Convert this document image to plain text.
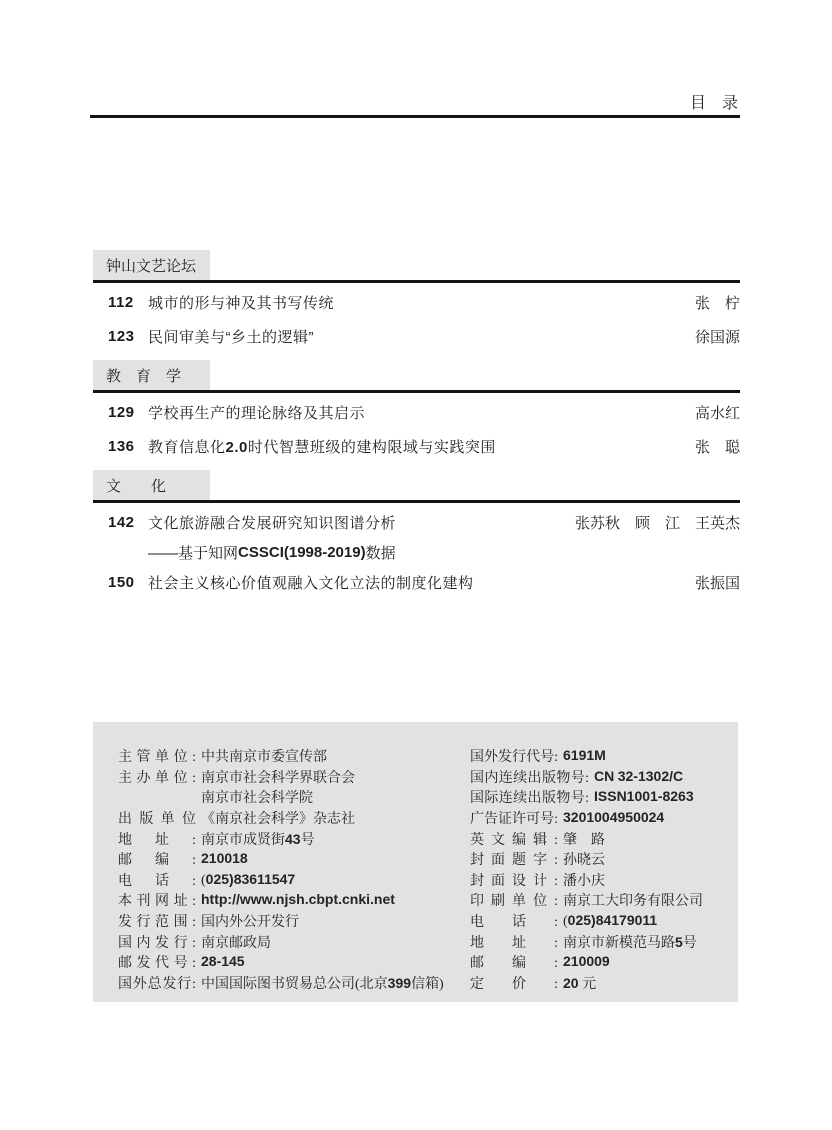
目　录
钟山文艺论坛
112 城市的形与神及其书写传统	张　柠
123 民间审美与“乡土的逻辑”	徐国源
教　育　学
129 学校再生产的理论脉络及其启示	高水红
136 教育信息化2.0时代智慧班级的建构限域与实践突围	张　聪
文　　化
142 文化旅游融合发展研究知识图谱分析	张苏秋　顾　江　王英杰
——基于知网 CSSCI(1998-2019) 数据
150 社会主义核心价值观融入文化立法的制度化建构	张振国
主管单位: 中共南京市委宣传部
主办单位: 南京市社会科学界联合会
南京市社会科学院
出版单位 《南京社会科学》杂志社
地址: 南京市成贤街43号
邮编: 210018
电话: (025)83611547
本刊网址: http://www.njsh.cbpt.cnki.net
发行范围: 国内外公开发行
国内发行: 南京邮政局
邮发代号: 28-145
国外总发行: 中国国际图书贸易总公司(北京399信箱)
国外发行代号: 6191M
国内连续出版物号: CN 32-1302/C
国际连续出版物号: ISSN1001-8263
广告证许可号: 3201004950024
英文编辑: 肇　路
封面题字: 孙晓云
封面设计: 潘小庆
印刷单位: 南京工大印务有限公司
电话: (025)84179011
地址: 南京市新模范马路5号
邮编: 210009
定价: 20 元
